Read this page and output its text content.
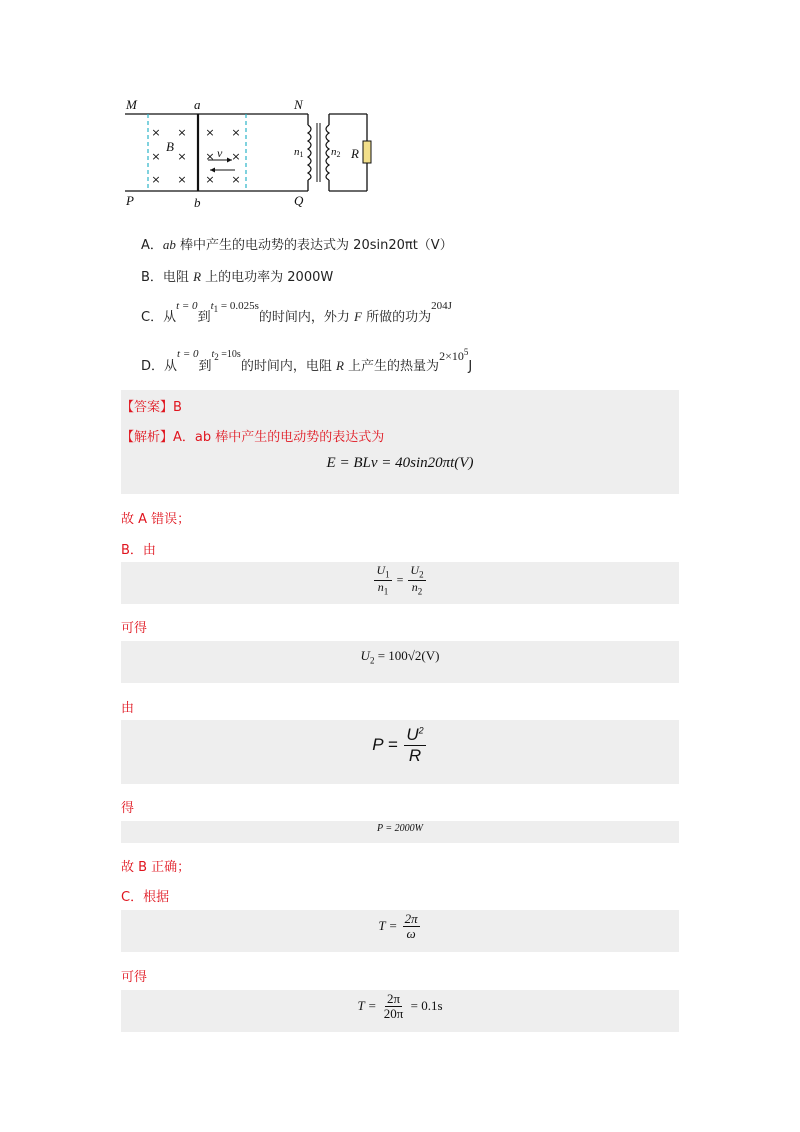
× ×
× ×
× ×
× ×
× ×
× ×
M	a	N
P	b	Q
B	v	R
n1	n2
A．ab 棒中产生的电动势的表达式为 20sin20πt（V）
B．电阻 R 上的电功率为 2000W
C．从t = 0到$t_1 = 0.025s$的时间内，外力 F 所做的功为204J
D．从t = 0到$t_2 =10s$的时间内，电阻 R 上产生的热量为$2\times 10^5J$
【答案】B
【解析】A．ab 棒中产生的电动势的表达式为
E = BLv = 40sin20πt(V)
故 A 错误；
B．由
$\frac{U_1}{n_1} = \frac{U_2}{n_2}$
可得
$U_2 = 100√2(V)$
由
$P = \frac{U^2}{R}$
得
P = 2000W
故 B 正确；
C．根据
$T = \frac{2\pi}{\omega}$
可得
$T = \frac{2\pi}{20\pi} = 0.1s$
